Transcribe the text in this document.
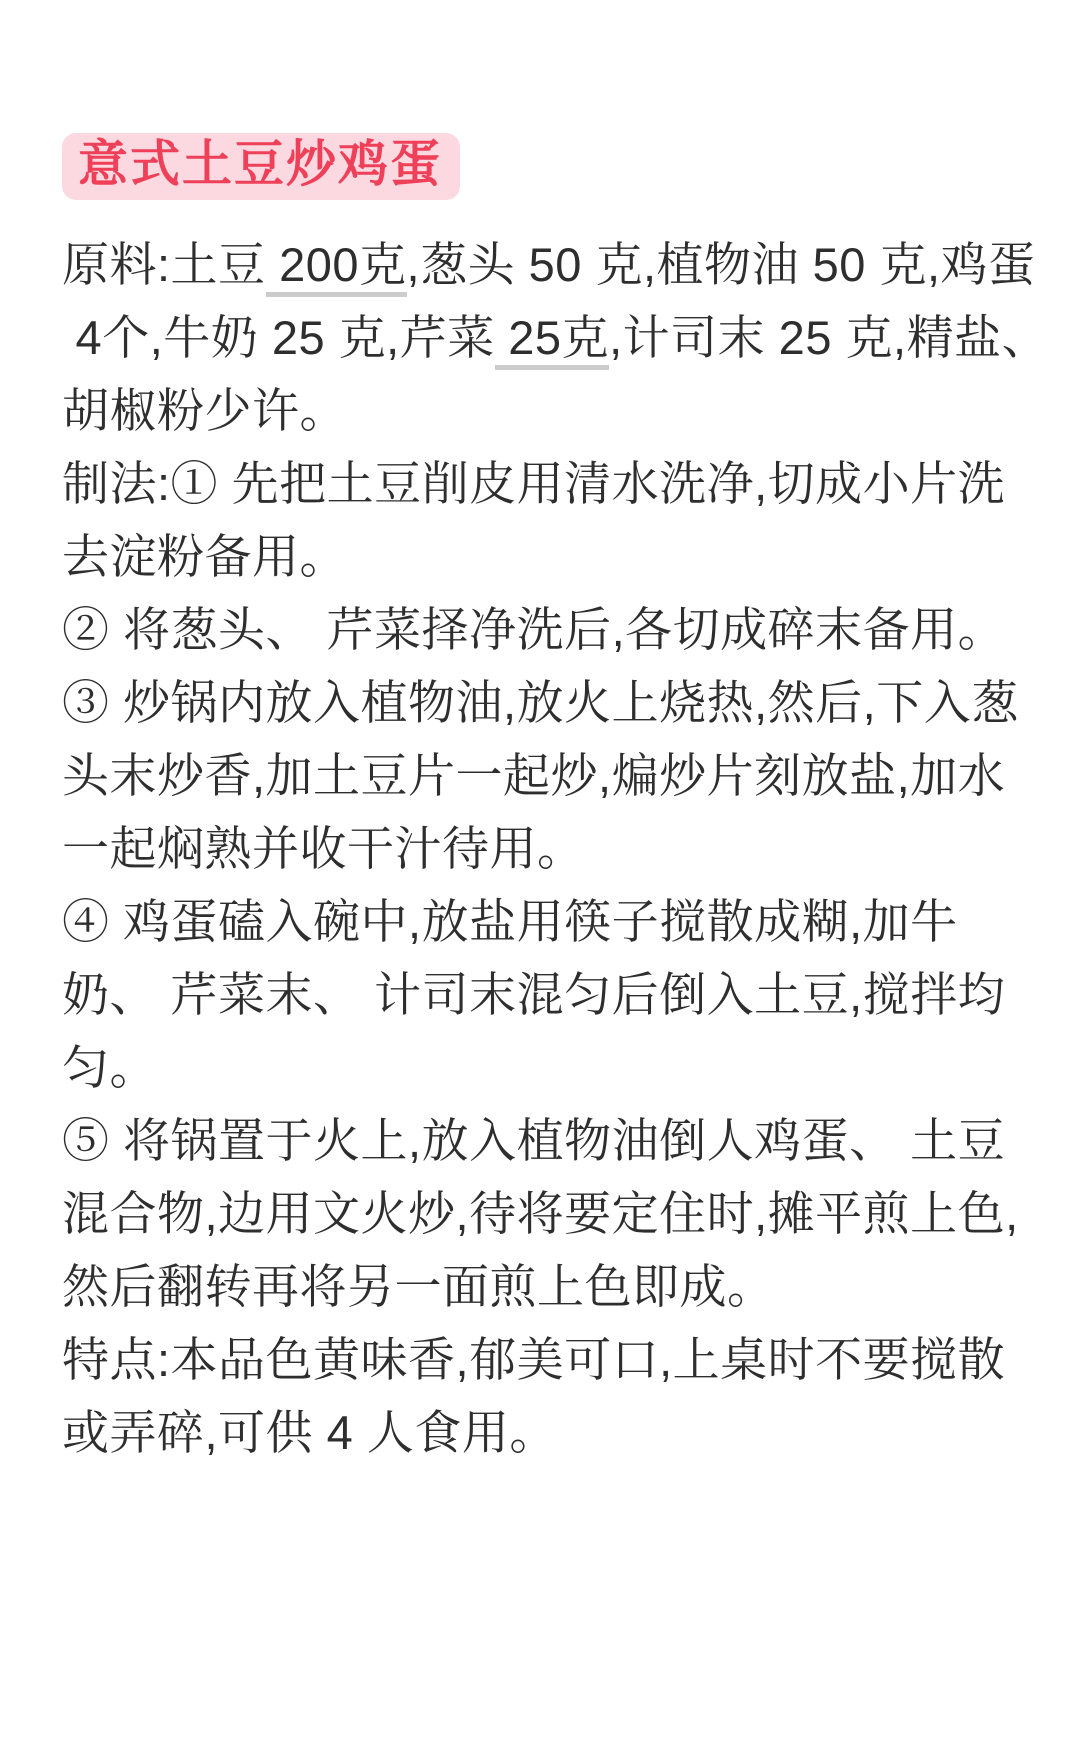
意式土豆炒鸡蛋
原料:土豆 200克,葱头 50 克,植物油 50 克,鸡蛋
4个,牛奶 25 克,芹菜 25克,计司末 25 克,精盐、
胡椒粉少许。
制法:① 先把土豆削皮用清水洗净,切成小片洗
去淀粉备用。
② 将葱头、 芹菜择净洗后,各切成碎末备用。
③ 炒锅内放入植物油,放火上烧热,然后,下入葱
头末炒香,加土豆片一起炒,煸炒片刻放盐,加水
一起焖熟并收干汁待用。
④ 鸡蛋磕入碗中,放盐用筷子搅散成糊,加牛
奶、 芹菜末、 计司末混匀后倒入土豆,搅拌均
匀。
⑤ 将锅置于火上,放入植物油倒人鸡蛋、 土豆
混合物,边用文火炒,待将要定住时,摊平煎上色,
然后翻转再将另一面煎上色即成。
特点:本品色黄味香,郁美可口,上桌时不要搅散
或弄碎,可供 4 人食用。
